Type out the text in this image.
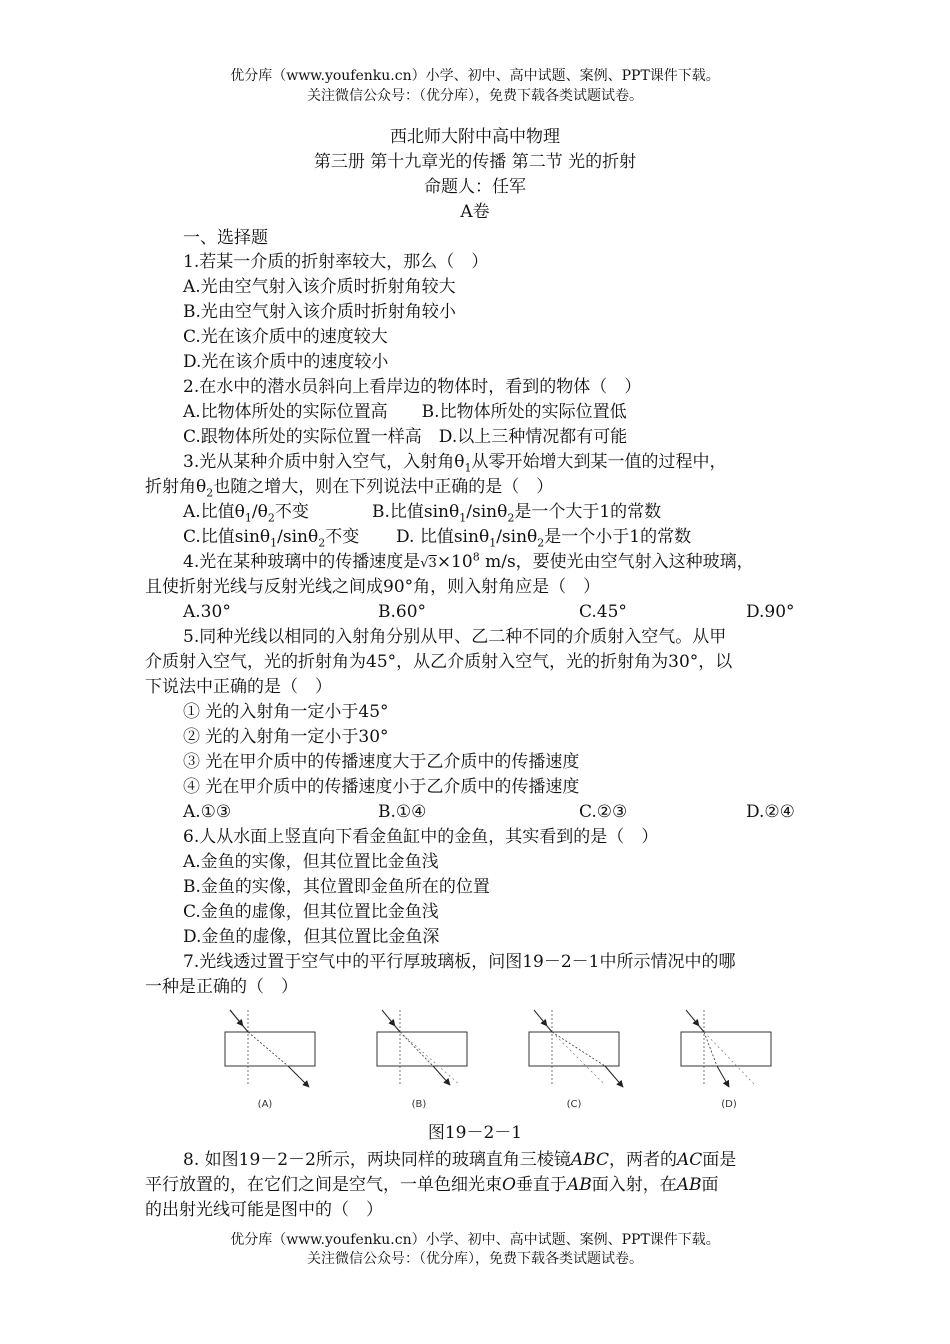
优分库（www.youfenku.cn）小学、初中、高中试题、案例、PPT课件下载。
关注微信公众号：（优分库），免费下载各类试题试卷。
西北师大附中高中物理
第三册 第十九章光的传播 第二节 光的折射
命题人：任军
A卷
一、选择题
1.若某一介质的折射率较大，那么（　）
A.光由空气射入该介质时折射角较大
B.光由空气射入该介质时折射角较小
C.光在该介质中的速度较大
D.光在该介质中的速度较小
2.在水中的潜水员斜向上看岸边的物体时，看到的物体（　）
A.比物体所处的实际位置高　　B.比物体所处的实际位置低
C.跟物体所处的实际位置一样高　D.以上三种情况都有可能
3.光从某种介质中射入空气，入射角$\theta_1$从零开始增大到某一值的过程中，
折射角$\theta_2$也随之增大，则在下列说法中正确的是（　）
A.比值$\theta_1/\theta_2$不变	B.比值sinθ$_1$/sinθ$_2$是一个大于1的常数
C.比值sinθ$_1$/sinθ$_2$不变 D. 比值sinθ$_1$/sinθ$_2$是一个小于1的常数
4.光在某种玻璃中的传播速度是$√3\times 10^8$ m/s，要使光由空气射入这种玻璃，
且使折射光线与反射光线之间成90°角，则入射角应是（　）
A.30°	B.60°	C.45°	D.90°
5.同种光线以相同的入射角分别从甲、乙二种不同的介质射入空气。从甲
介质射入空气，光的折射角为45°，从乙介质射入空气，光的折射角为30°，以
下说法中正确的是（　）
① 光的入射角一定小于45°
② 光的入射角一定小于30°
③ 光在甲介质中的传播速度大于乙介质中的传播速度
④ 光在甲介质中的传播速度小于乙介质中的传播速度
A.①③	B.①④	C.②③	D.②④
6.人从水面上竖直向下看金鱼缸中的金鱼，其实看到的是（　）
A.金鱼的实像，但其位置比金鱼浅
B.金鱼的实像，其位置即金鱼所在的位置
C.金鱼的虚像，但其位置比金鱼浅
D.金鱼的虚像，但其位置比金鱼深
7.光线透过置于空气中的平行厚玻璃板，问图19－2－1中所示情况中的哪
一种是正确的（　）
(A)	(B)	(C)	(D)
图19－2－1
8. 如图19－2－2所示，两块同样的玻璃直角三棱镜ABC，两者的AC面是
平行放置的，在它们之间是空气，一单色细光束O垂直于AB面入射，在AB面
的出射光线可能是图中的（　）
优分库（www.youfenku.cn）小学、初中、高中试题、案例、PPT课件下载。
关注微信公众号：（优分库），免费下载各类试题试卷。
